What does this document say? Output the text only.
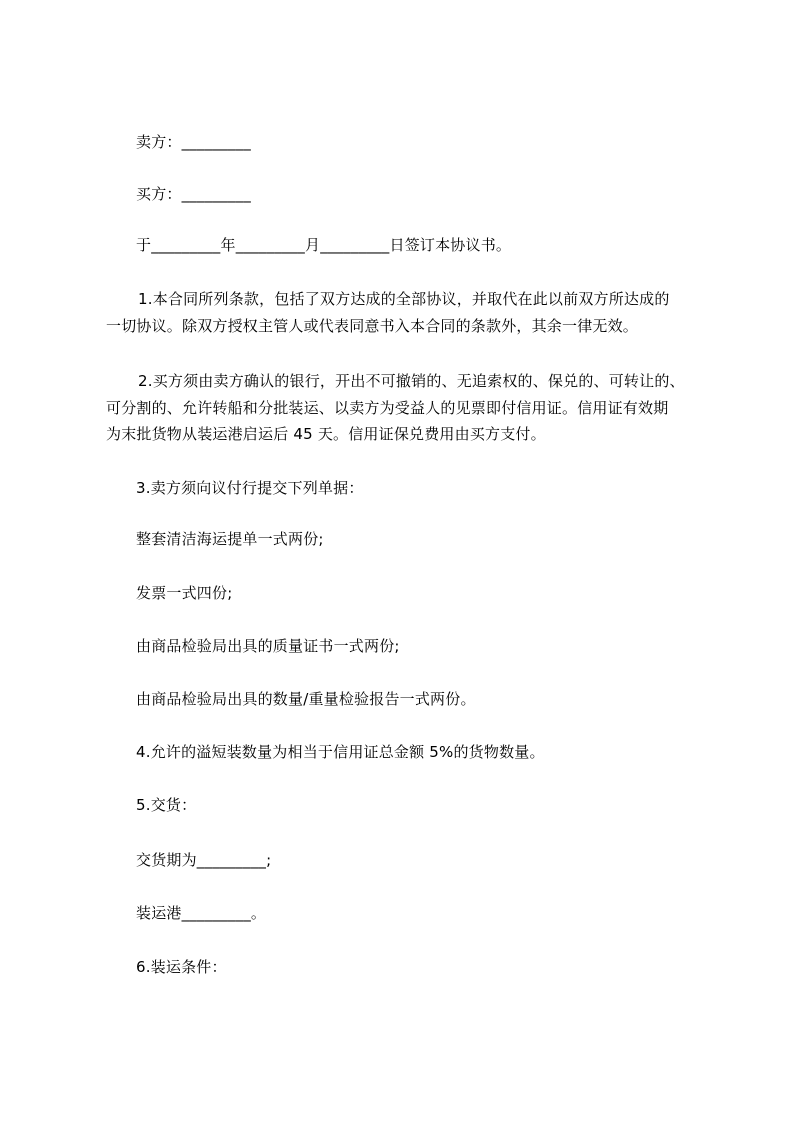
卖方：_________
买方：_________
于_________年_________月_________日签订本协议书。
1.本合同所列条款，包括了双方达成的全部协议，并取代在此以前双方所达成的
一切协议。除双方授权主管人或代表同意书入本合同的条款外，其余一律无效。
2.买方须由卖方确认的银行，开出不可撤销的、无追索权的、保兑的、可转让的、
可分割的、允许转船和分批装运、以卖方为受益人的见票即付信用证。信用证有效期
为末批货物从装运港启运后 45 天。信用证保兑费用由买方支付。
3.卖方须向议付行提交下列单据：
整套清洁海运提单一式两份;
发票一式四份;
由商品检验局出具的质量证书一式两份;
由商品检验局出具的数量/重量检验报告一式两份。
4.允许的溢短装数量为相当于信用证总金额 5%的货物数量。
5.交货：
交货期为_________;
装运港_________。
6.装运条件：
